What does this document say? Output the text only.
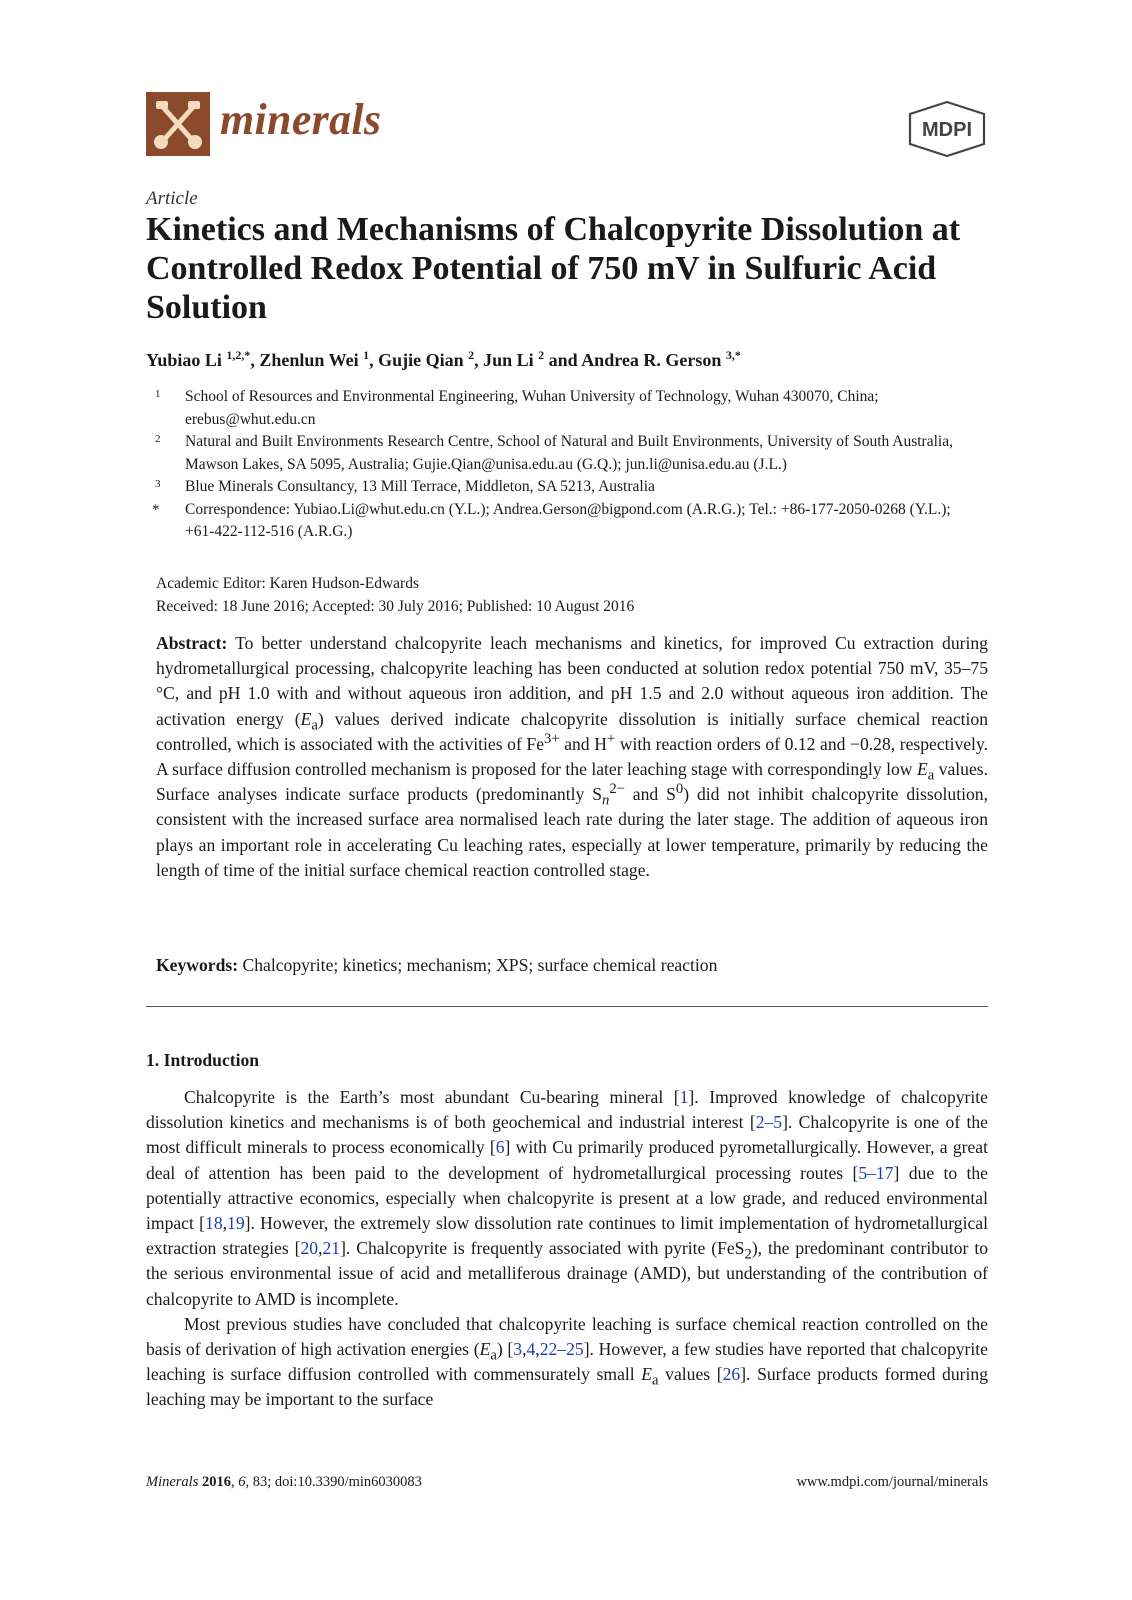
minerals	MDPI
Article
Kinetics and Mechanisms of Chalcopyrite Dissolution at Controlled Redox Potential of 750 mV in Sulfuric Acid Solution
Yubiao Li $^{1,2,*}$, Zhenlun Wei $^1$, Gujie Qian $^2$, Jun Li $^2$ and Andrea R. Gerson $^{3,*}$
1 School of Resources and Environmental Engineering, Wuhan University of Technology, Wuhan 430070, China; erebus@whut.edu.cn
2 Natural and Built Environments Research Centre, School of Natural and Built Environments, University of South Australia, Mawson Lakes, SA 5095, Australia; Gujie.Qian@unisa.edu.au (G.Q.); jun.li@unisa.edu.au (J.L.)
3 Blue Minerals Consultancy, 13 Mill Terrace, Middleton, SA 5213, Australia
* Correspondence: Yubiao.Li@whut.edu.cn (Y.L.); Andrea.Gerson@bigpond.com (A.R.G.); Tel.: +86-177-2050-0268 (Y.L.); +61-422-112-516 (A.R.G.)
Academic Editor: Karen Hudson-Edwards
Received: 18 June 2016; Accepted: 30 July 2016; Published: 10 August 2016
Abstract: To better understand chalcopyrite leach mechanisms and kinetics, for improved Cu extraction during hydrometallurgical processing, chalcopyrite leaching has been conducted at solution redox potential 750 mV, 35–75 °C, and pH 1.0 with and without aqueous iron addition, and pH 1.5 and 2.0 without aqueous iron addition. The activation energy $(E_a)$ values derived indicate chalcopyrite dissolution is initially surface chemical reaction controlled, which is associated with the activities of $Fe^{3+}$ and H+ with reaction orders of 0.12 and −0.28, respectively. A surface diffusion controlled mechanism is proposed for the later leaching stage with correspondingly low $E_a$ values. Surface analyses indicate surface products (predominantly $S_n^{2-}$ and $S^0$) did not inhibit chalcopyrite dissolution, consistent with the increased surface area normalised leach rate during the later stage. The addition of aqueous iron plays an important role in accelerating Cu leaching rates, especially at lower temperature, primarily by reducing the length of time of the initial surface chemical reaction controlled stage.
Keywords: Chalcopyrite; kinetics; mechanism; XPS; surface chemical reaction
1. Introduction

Chalcopyrite is the Earth’s most abundant Cu-bearing mineral [1]. Improved knowledge of chalcopyrite dissolution kinetics and mechanisms is of both geochemical and industrial interest [2–5]. Chalcopyrite is one of the most difficult minerals to process economically [6] with Cu primarily produced pyrometallurgically. However, a great deal of attention has been paid to the development of hydrometallurgical processing routes [5–17] due to the potentially attractive economics, especially when chalcopyrite is present at a low grade, and reduced environmental impact [18,19]. However, the extremely slow dissolution rate continues to limit implementation of hydrometallurgical extraction strategies [20,21]. Chalcopyrite is frequently associated with pyrite (FeS$_2$), the predominant contributor to the serious environmental issue of acid and metalliferous drainage (AMD), but understanding of the contribution of chalcopyrite to AMD is incomplete.

Most previous studies have concluded that chalcopyrite leaching is surface chemical reaction controlled on the basis of derivation of high activation energies $(E_a)$ [3,4,22–25]. However, a few studies have reported that chalcopyrite leaching is surface diffusion controlled with commensurately small $E_a$ values [26]. Surface products formed during leaching may be important to the surface

Minerals 2016, 6, 83; doi:10.3390/min6030083	www.mdpi.com/journal/minerals
